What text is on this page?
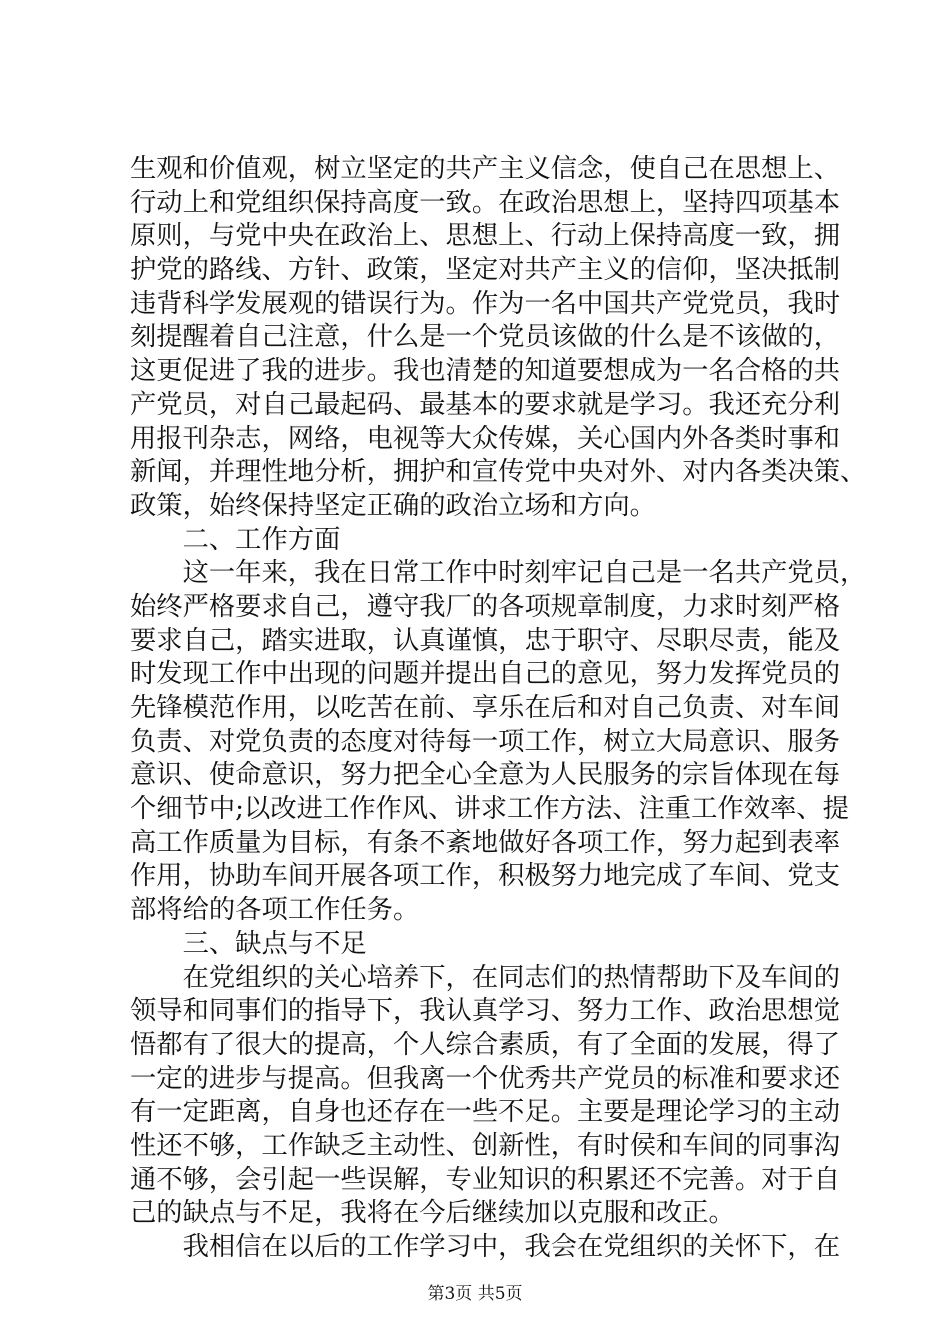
生观和价值观，树立坚定的共产主义信念，使自己在思想上、
行动上和党组织保持高度一致。在政治思想上，坚持四项基本
原则，与党中央在政治上、思想上、行动上保持高度一致，拥
护党的路线、方针、政策，坚定对共产主义的信仰，坚决抵制
违背科学发展观的错误行为。作为一名中国共产党党员，我时
刻提醒着自己注意，什么是一个党员该做的什么是不该做的，
这更促进了我的进步。我也清楚的知道要想成为一名合格的共
产党员，对自己最起码、最基本的要求就是学习。我还充分利
用报刊杂志，网络，电视等大众传媒，关心国内外各类时事和
新闻，并理性地分析，拥护和宣传党中央对外、对内各类决策、
政策，始终保持坚定正确的政治立场和方向。
　　二、工作方面
　　这一年来，我在日常工作中时刻牢记自己是一名共产党员，
始终严格要求自己，遵守我厂的各项规章制度，力求时刻严格
要求自己，踏实进取，认真谨慎，忠于职守、尽职尽责，能及
时发现工作中出现的问题并提出自己的意见，努力发挥党员的
先锋模范作用，以吃苦在前、享乐在后和对自己负责、对车间
负责、对党负责的态度对待每一项工作，树立大局意识、服务
意识、使命意识，努力把全心全意为人民服务的宗旨体现在每
个细节中;以改进工作作风、讲求工作方法、注重工作效率、提
高工作质量为目标，有条不紊地做好各项工作，努力起到表率
作用，协助车间开展各项工作，积极努力地完成了车间、党支
部将给的各项工作任务。
　　三、缺点与不足
　　在党组织的关心培养下，在同志们的热情帮助下及车间的
领导和同事们的指导下，我认真学习、努力工作、政治思想觉
悟都有了很大的提高，个人综合素质，有了全面的发展，得了
一定的进步与提高。但我离一个优秀共产党员的标准和要求还
有一定距离，自身也还存在一些不足。主要是理论学习的主动
性还不够，工作缺乏主动性、创新性，有时侯和车间的同事沟
通不够，会引起一些误解，专业知识的积累还不完善。对于自
己的缺点与不足，我将在今后继续加以克服和改正。
　　我相信在以后的工作学习中，我会在党组织的关怀下，在
第3页 共5页
